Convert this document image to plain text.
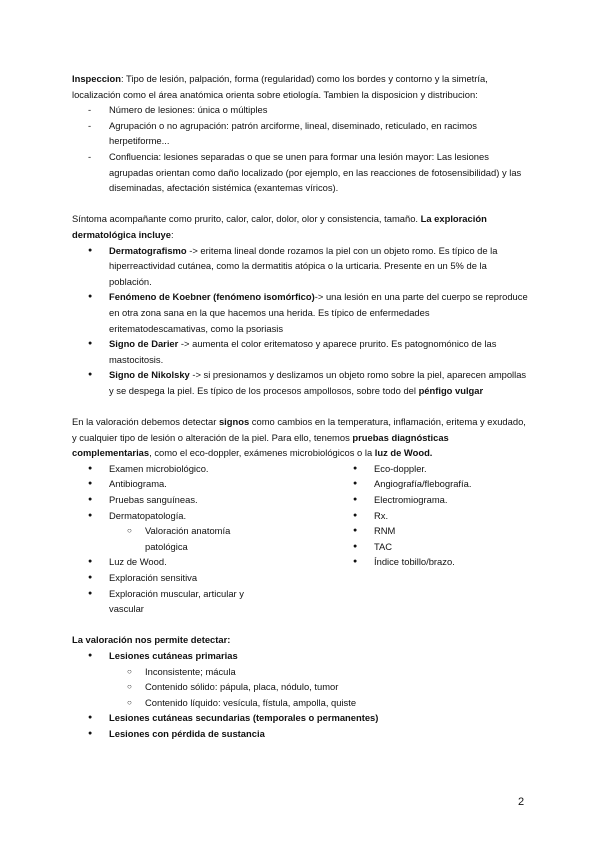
Inspeccion: Tipo de lesión, palpación, forma (regularidad) como los bordes y contorno y la simetría, localización como el área anatómica orienta sobre etiología. Tambien la disposicion y distribucion:

- Número de lesiones: única o múltiples
- Agrupación o no agrupación: patrón arciforme, lineal, diseminado, reticulado, en racimos herpetiforme...
- Confluencia: lesiones separadas o que se unen para formar una lesión mayor: Las lesiones agrupadas orientan como daño localizado (por ejemplo, en las reacciones de fotosensibilidad) y las diseminadas, afectación sistémica (exantemas víricos).

Síntoma acompañante como prurito, calor, calor, dolor, olor y consistencia, tamaño. La exploración dermatológica incluye:

● Dermatografismo -> eritema lineal donde rozamos la piel con un objeto romo. Es típico de la hiperreactividad cutánea, como la dermatitis atópica o la urticaria. Presente en un 5% de la población.
● Fenómeno de Koebner (fenómeno isomórfico)-> una lesión en una parte del cuerpo se reproduce en otra zona sana en la que hacemos una herida. Es típico de enfermedades eritematodescamativas, como la psoriasis
● Signo de Darier -> aumenta el color eritematoso y aparece prurito. Es patognomónico de las mastocitosis.
● Signo de Nikolsky -> si presionamos y deslizamos un objeto romo sobre la piel, aparecen ampollas y se despega la piel. Es típico de los procesos ampollosos, sobre todo del pénfigo vulgar

En la valoración debemos detectar signos como cambios en la temperatura, inflamación, eritema y exudado, y cualquier tipo de lesión o alteración de la piel. Para ello, tenemos pruebas diagnósticas complementarias, como el eco-doppler, exámenes microbiológicos o la luz de Wood.

● Examen microbiológico.
● Antibiograma.
● Pruebas sanguíneas.
● Dermatopatología.
○ Valoración anatomía patológica
● Luz de Wood.
● Exploración sensitiva
● Exploración muscular, articular y vascular
● Eco-doppler.
● Angiografía/flebografía.
● Electromiograma.
● Rx.
● RNM
● TAC
● Índice tobillo/brazo.

La valoración nos permite detectar:

● Lesiones cutáneas primarias
○ Inconsistente; mácula
○ Contenido sólido: pápula, placa, nódulo, tumor
○ Contenido líquido: vesícula, fístula, ampolla, quiste
● Lesiones cutáneas secundarias (temporales o permanentes)
● Lesiones con pérdida de sustancia
2
